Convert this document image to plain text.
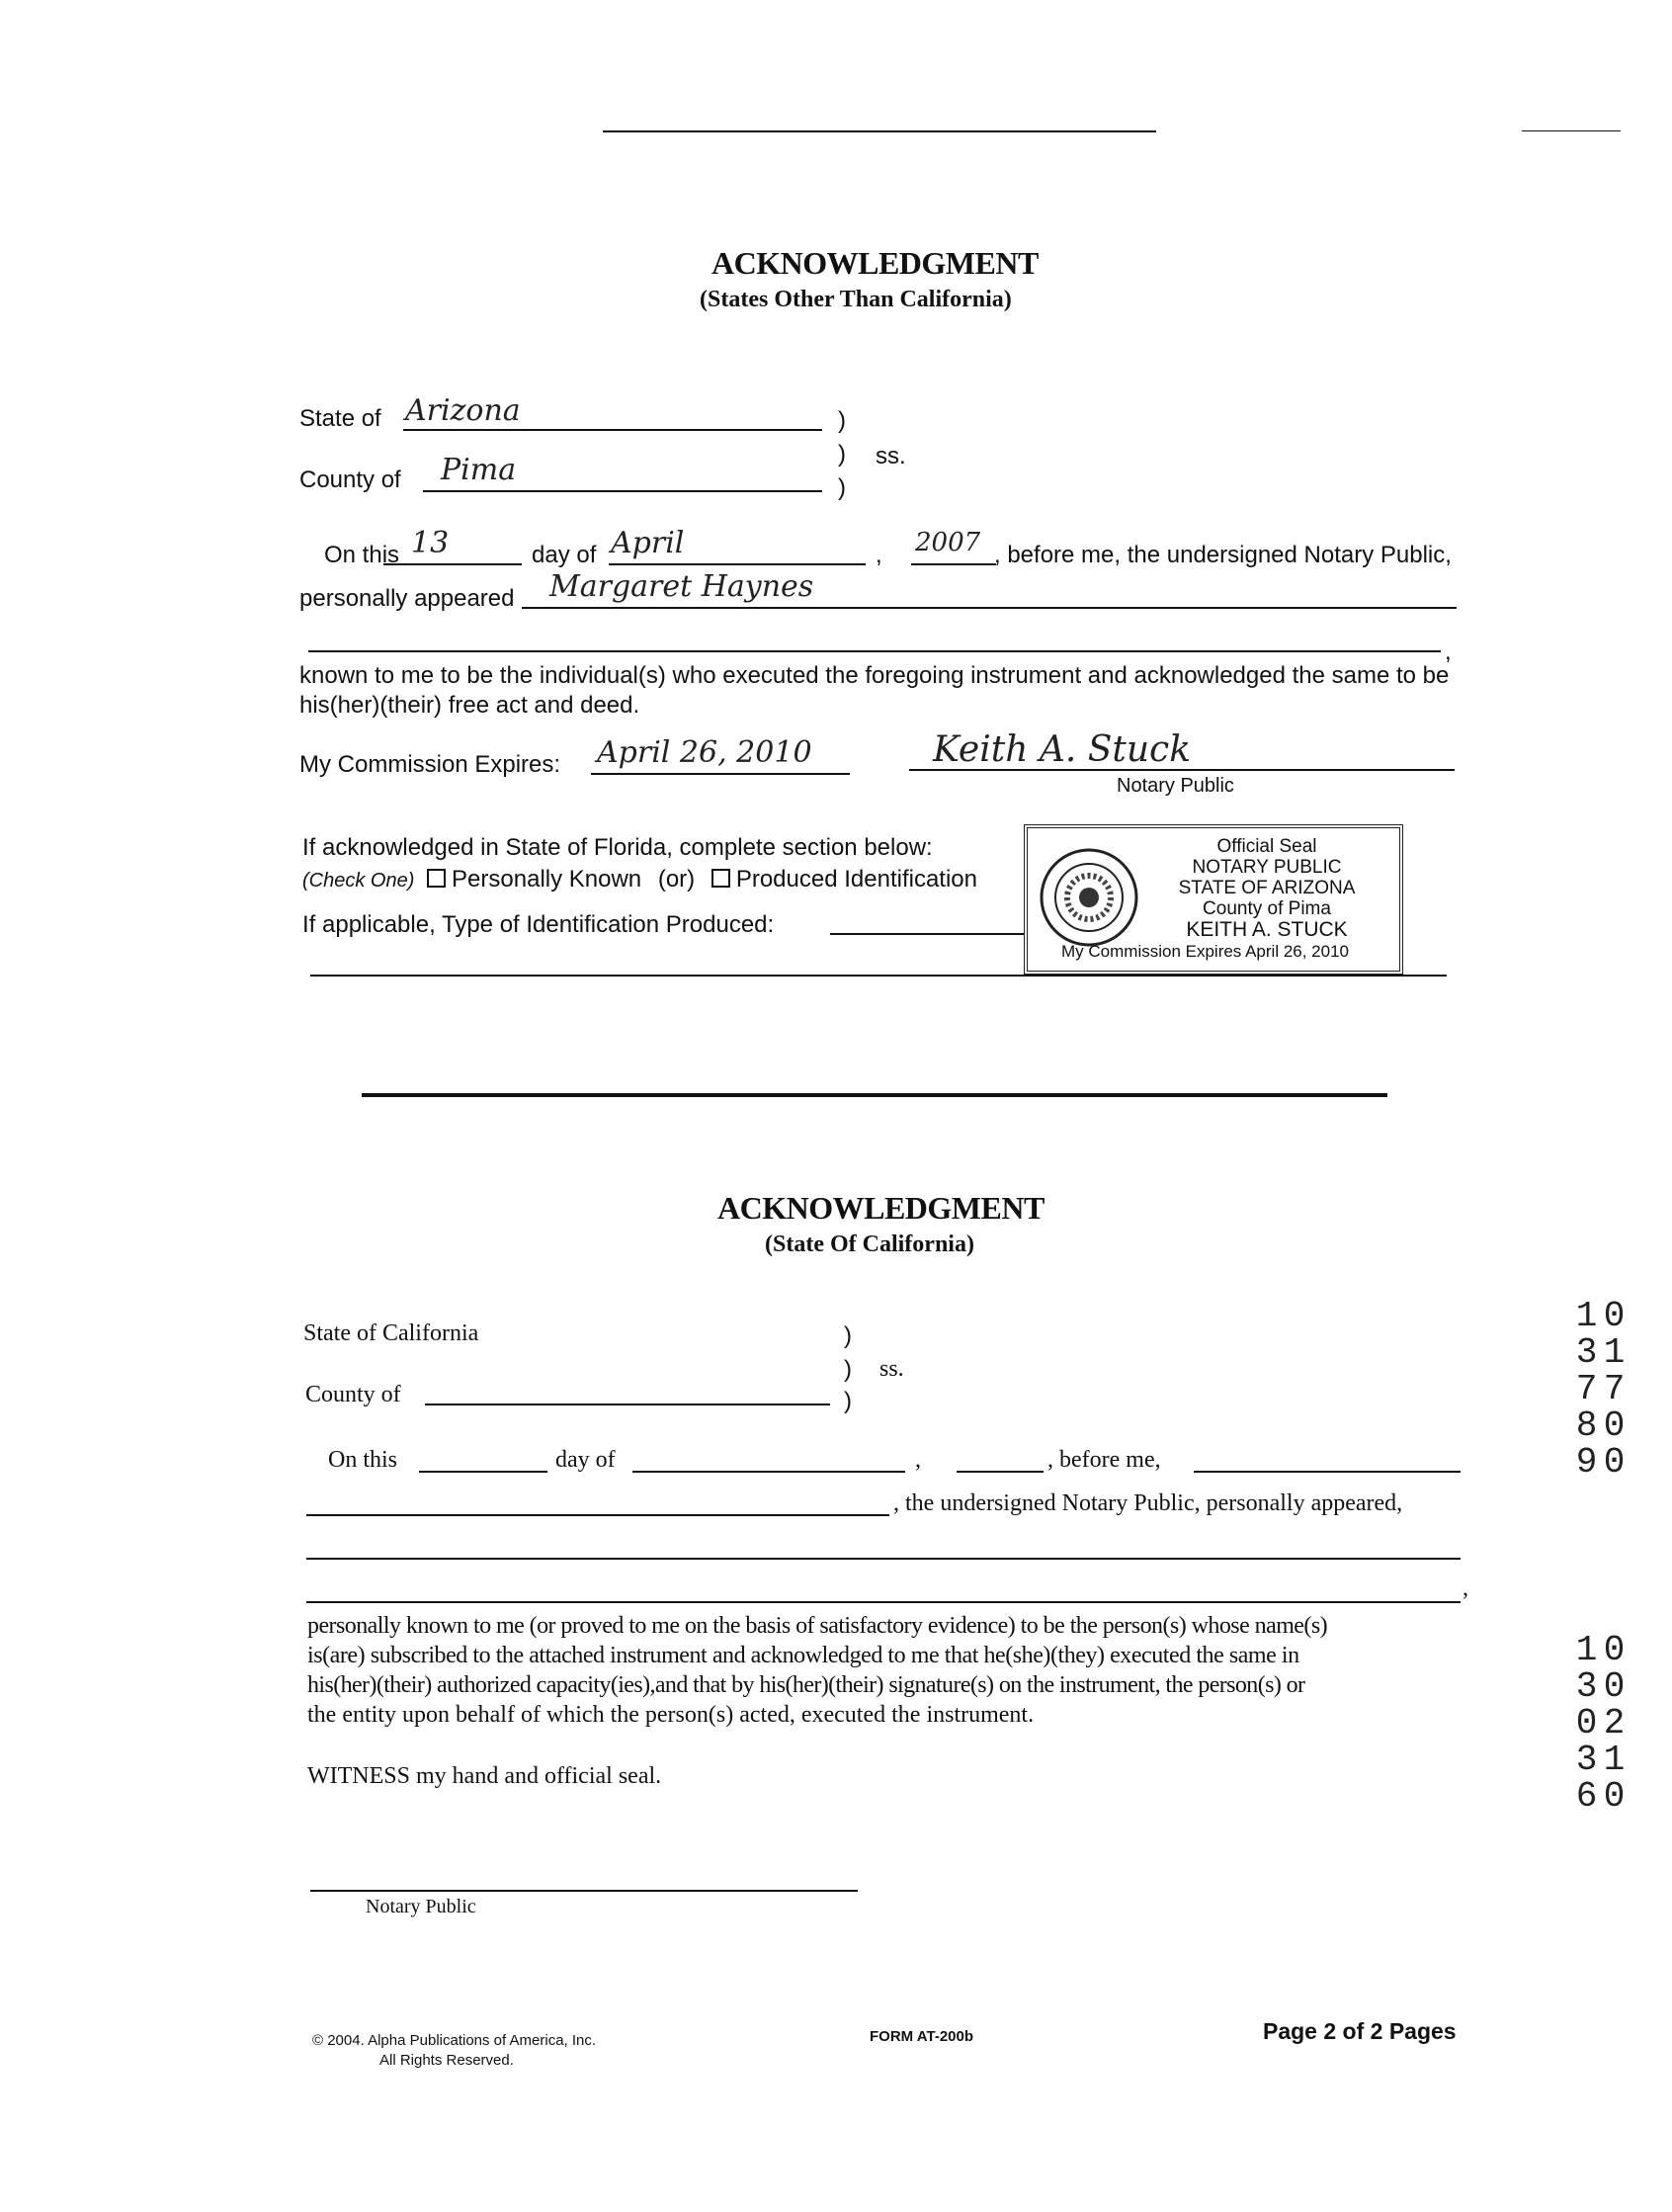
ACKNOWLEDGMENT
(States Other Than California)
State of Arizona	)
)
)
ss.
County of Pima
On this 13	day of April	, 2007 , before me, the undersigned Notary Public,
personally appeared Margaret Haynes
,
known to me to be the individual(s) who executed the foregoing instrument and acknowledged the same to be
his(her)(their) free act and deed.
My Commission Expires: April 26, 2010	Keith A. Stuck
Notary Public
If acknowledged in State of Florida, complete section below:
(Check One) Personally Known (or) Produced Identification
If applicable, Type of Identification Produced:
Official Seal
NOTARY PUBLIC
STATE OF ARIZONA
County of Pima
KEITH A. STUCK
My Commission Expires April 26, 2010
ACKNOWLEDGMENT
(State Of California)
State of California	)
)
)
ss.
County of
On this	day of	,	, before me,
, the undersigned Notary Public, personally appeared,
,
personally known to me (or proved to me on the basis of satisfactory evidence) to be the person(s) whose name(s)
is(are) subscribed to the attached instrument and acknowledged to me that he(she)(they) executed the same in
his(her)(their) authorized capacity(ies),and that by his(her)(their) signature(s) on the instrument, the person(s) or
the entity upon behalf of which the person(s) acted, executed the instrument.
WITNESS my hand and official seal.
Notary Public
© 2004. Alpha Publications of America, Inc.
All Rights Reserved.
FORM AT-200b	Page 2 of 2 Pages
13789 01700
13036 00210
